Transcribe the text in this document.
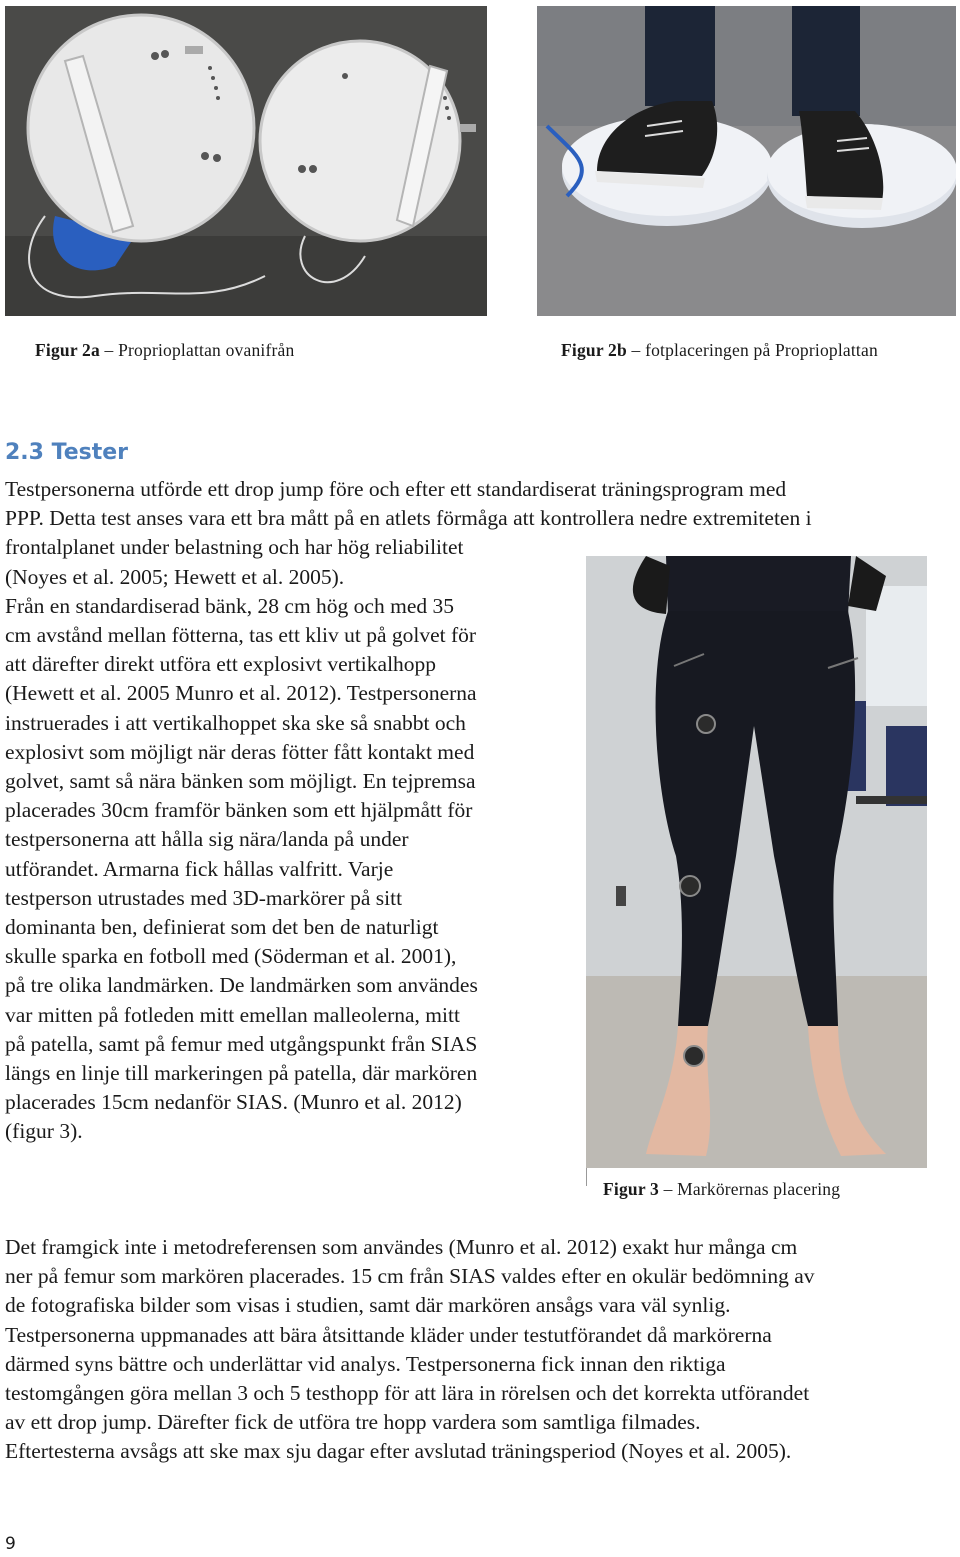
Figur 2a – Proprioplattan ovanifrån	Figur 2b – fotplaceringen på Proprioplattan
2.3 Tester
Testpersonerna utförde ett drop jump före och efter ett standardiserat träningsprogram med
PPP. Detta test anses vara ett bra mått på en atlets förmåga att kontrollera nedre extremiteten i
frontalplanet under belastning och har hög reliabilitet
(Noyes et al. 2005; Hewett et al. 2005).
Från en standardiserad bänk, 28 cm hög och med 35
cm avstånd mellan fötterna, tas ett kliv ut på golvet för
att därefter direkt utföra ett explosivt vertikalhopp
(Hewett et al. 2005 Munro et al. 2012). Testpersonerna
instruerades i att vertikalhoppet ska ske så snabbt och
explosivt som möjligt när deras fötter fått kontakt med
golvet, samt så nära bänken som möjligt. En tejpremsa
placerades 30cm framför bänken som ett hjälpmått för
testpersonerna att hålla sig nära/landa på under
utförandet. Armarna fick hållas valfritt. Varje
testperson utrustades med 3D-markörer på sitt
dominanta ben, definierat som det ben de naturligt
skulle sparka en fotboll med (Söderman et al. 2001),
på tre olika landmärken. De landmärken som användes
var mitten på fotleden mitt emellan malleolerna, mitt
på patella, samt på femur med utgångspunkt från SIAS
längs en linje till markeringen på patella, där markören
placerades 15cm nedanför SIAS. (Munro et al. 2012)
(figur 3).
Figur 3 – Markörernas placering
Det framgick inte i metodreferensen som användes (Munro et al. 2012) exakt hur många cm
ner på femur som markören placerades. 15 cm från SIAS valdes efter en okulär bedömning av
de fotografiska bilder som visas i studien, samt där markören ansågs vara väl synlig.
Testpersonerna uppmanades att bära åtsittande kläder under testutförandet då markörerna
därmed syns bättre och underlättar vid analys. Testpersonerna fick innan den riktiga
testomgången göra mellan 3 och 5 testhopp för att lära in rörelsen och det korrekta utförandet
av ett drop jump. Därefter fick de utföra tre hopp vardera som samtliga filmades.
Eftertesterna avsågs att ske max sju dagar efter avslutad träningsperiod (Noyes et al. 2005).
9
